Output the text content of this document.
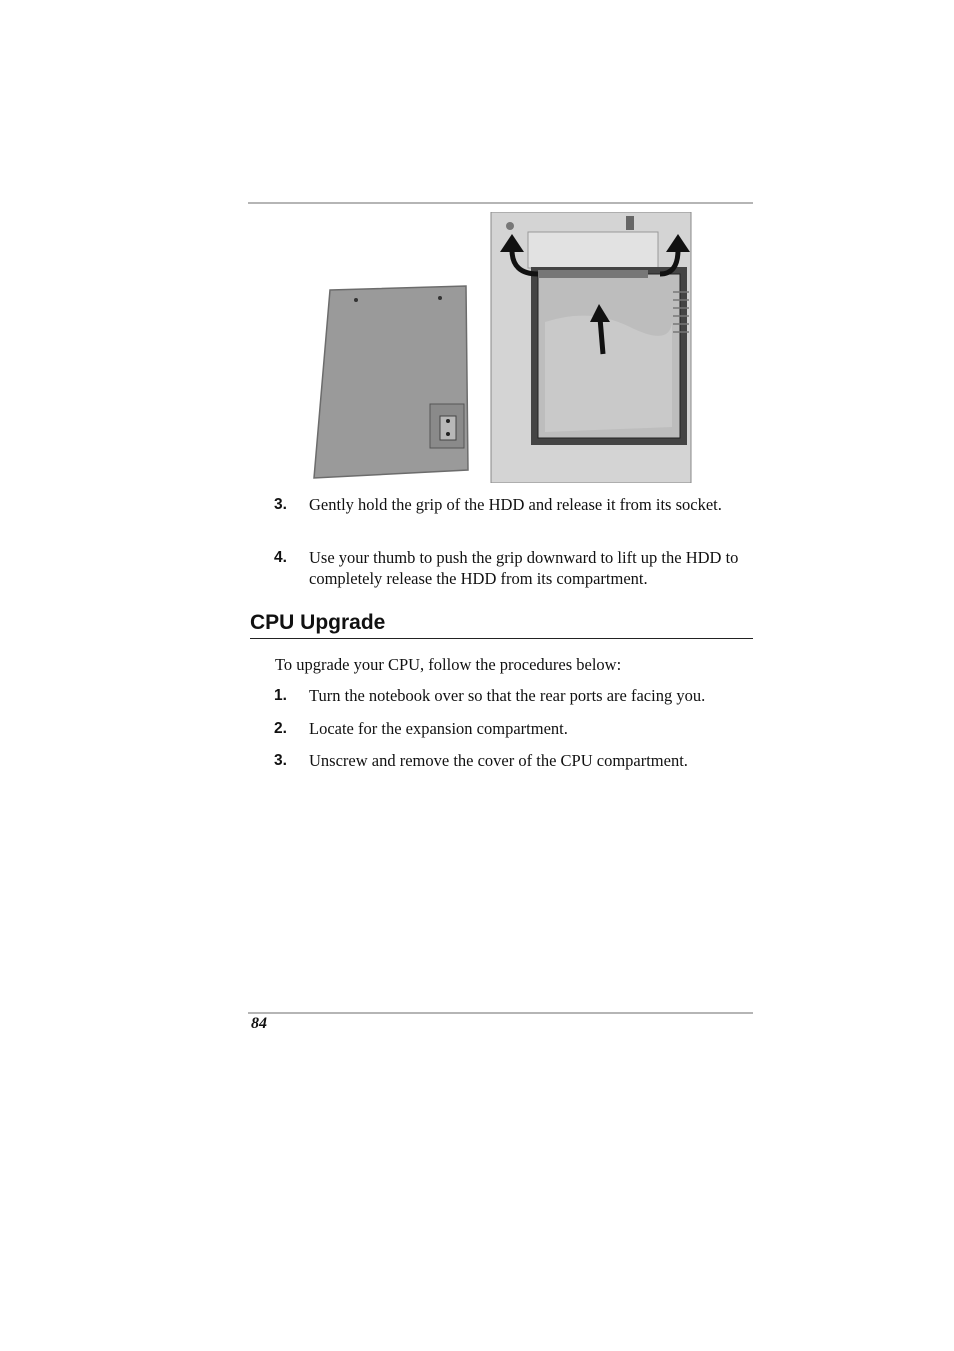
3. Gently hold the grip of the HDD and release it from its socket.
4. Use your thumb to push the grip downward to lift up the HDD to completely release the HDD from its compartment.
CPU Upgrade
To upgrade your CPU, follow the procedures below:
1. Turn the notebook over so that the rear ports are facing you.
2. Locate for the expansion compartment.
3. Unscrew and remove the cover of the CPU compartment.
84
